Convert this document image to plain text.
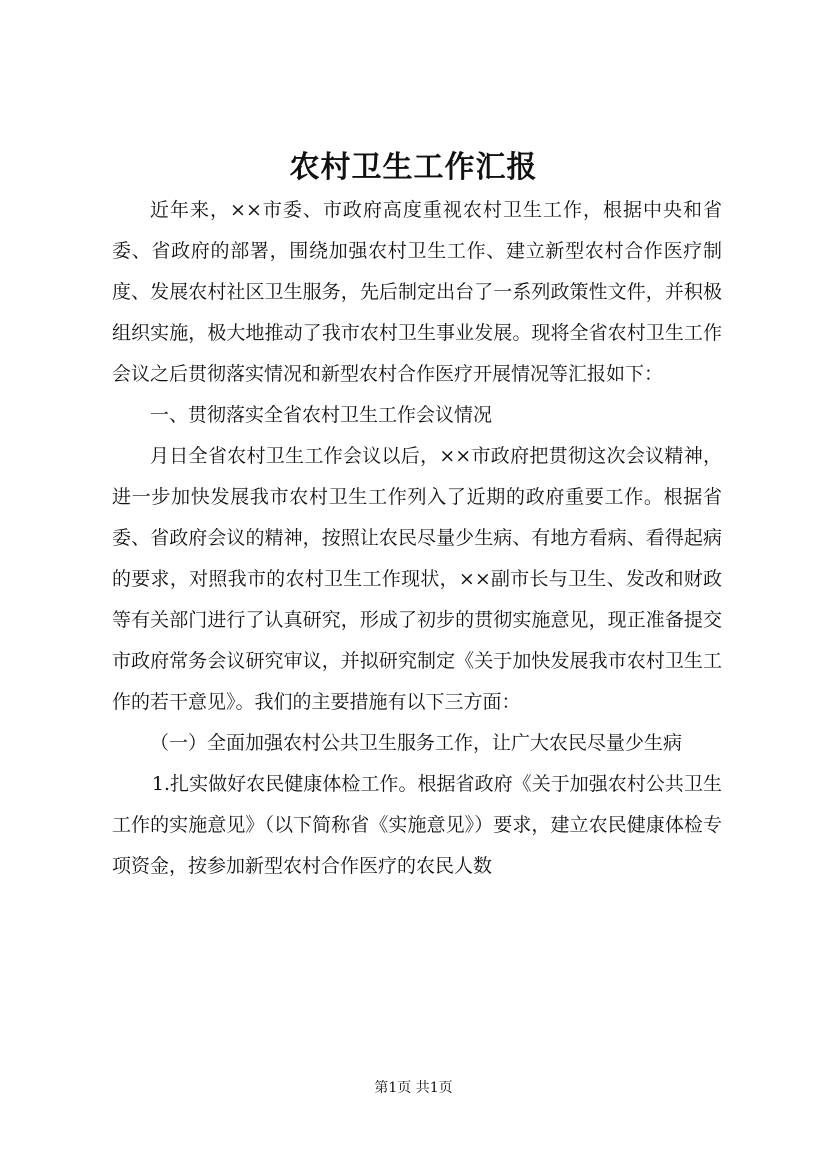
农村卫生工作汇报

近年来，××市委、市政府高度重视农村卫生工作，根据中央和省委、省政府的部署，围绕加强农村卫生工作、建立新型农村合作医疗制度、发展农村社区卫生服务，先后制定出台了一系列政策性文件，并积极组织实施，极大地推动了我市农村卫生事业发展。现将全省农村卫生工作会议之后贯彻落实情况和新型农村合作医疗开展情况等汇报如下：

一、贯彻落实全省农村卫生工作会议情况

月日全省农村卫生工作会议以后，××市政府把贯彻这次会议精神，进一步加快发展我市农村卫生工作列入了近期的政府重要工作。根据省委、省政府会议的精神，按照让农民尽量少生病、有地方看病、看得起病的要求，对照我市的农村卫生工作现状，××副市长与卫生、发改和财政等有关部门进行了认真研究，形成了初步的贯彻实施意见，现正准备提交市政府常务会议研究审议，并拟研究制定《关于加快发展我市农村卫生工作的若干意见》。我们的主要措施有以下三方面：

（一）全面加强农村公共卫生服务工作，让广大农民尽量少生病

1.扎实做好农民健康体检工作。根据省政府《关于加强农村公共卫生工作的实施意见》（以下简称省《实施意见》）要求，建立农民健康体检专项资金，按参加新型农村合作医疗的农民人数

第1页 共1页
